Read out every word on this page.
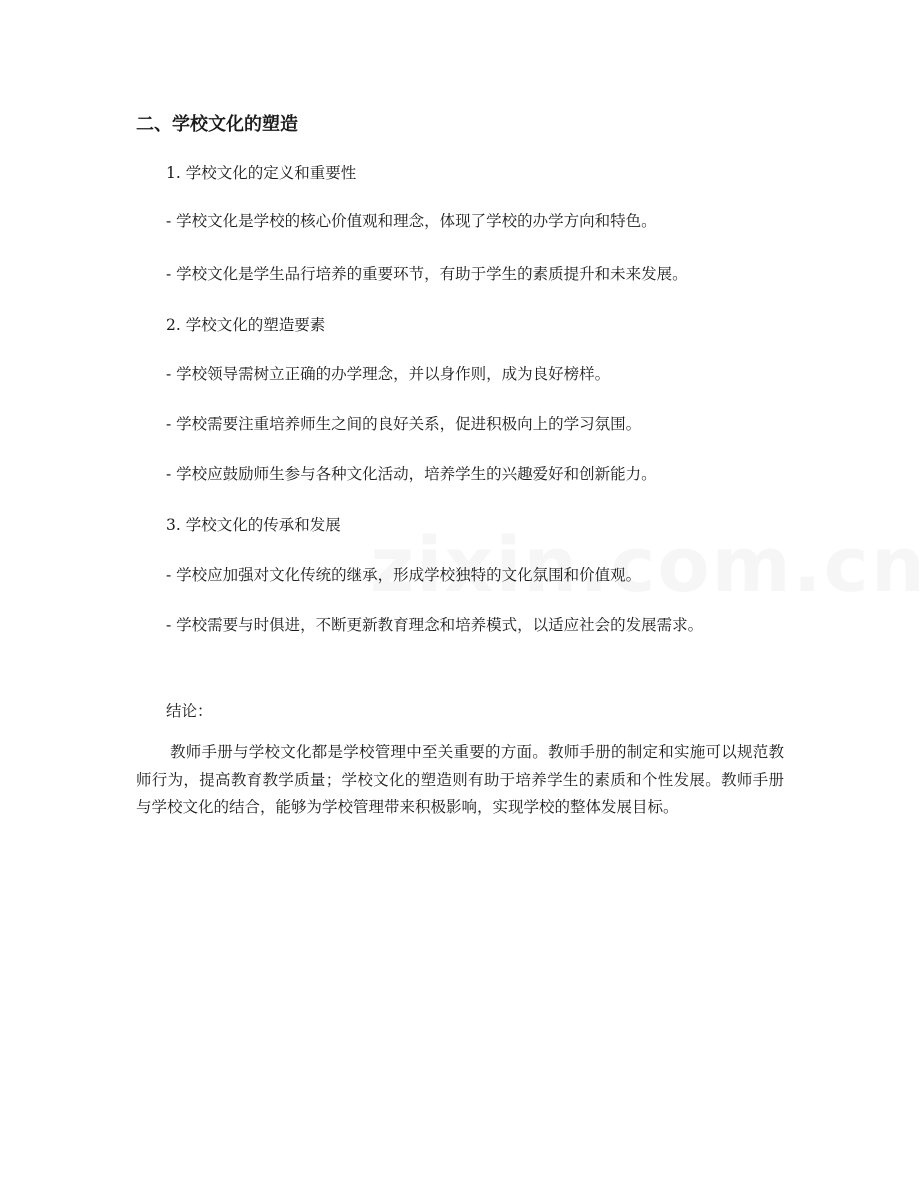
二、学校文化的塑造

1. 学校文化的定义和重要性

- 学校文化是学校的核心价值观和理念，体现了学校的办学方向和特色。

- 学校文化是学生品行培养的重要环节，有助于学生的素质提升和未来发展。

2. 学校文化的塑造要素

- 学校领导需树立正确的办学理念，并以身作则，成为良好榜样。

- 学校需要注重培养师生之间的良好关系，促进积极向上的学习氛围。

- 学校应鼓励师生参与各种文化活动，培养学生的兴趣爱好和创新能力。

3. 学校文化的传承和发展

- 学校应加强对文化传统的继承，形成学校独特的文化氛围和价值观。

- 学校需要与时俱进，不断更新教育理念和培养模式，以适应社会的发展需求。

结论：

教师手册与学校文化都是学校管理中至关重要的方面。教师手册的制定和实施可以规范教师行为，提高教育教学质量；学校文化的塑造则有助于培养学生的素质和个性发展。教师手册与学校文化的结合，能够为学校管理带来积极影响，实现学校的整体发展目标。
